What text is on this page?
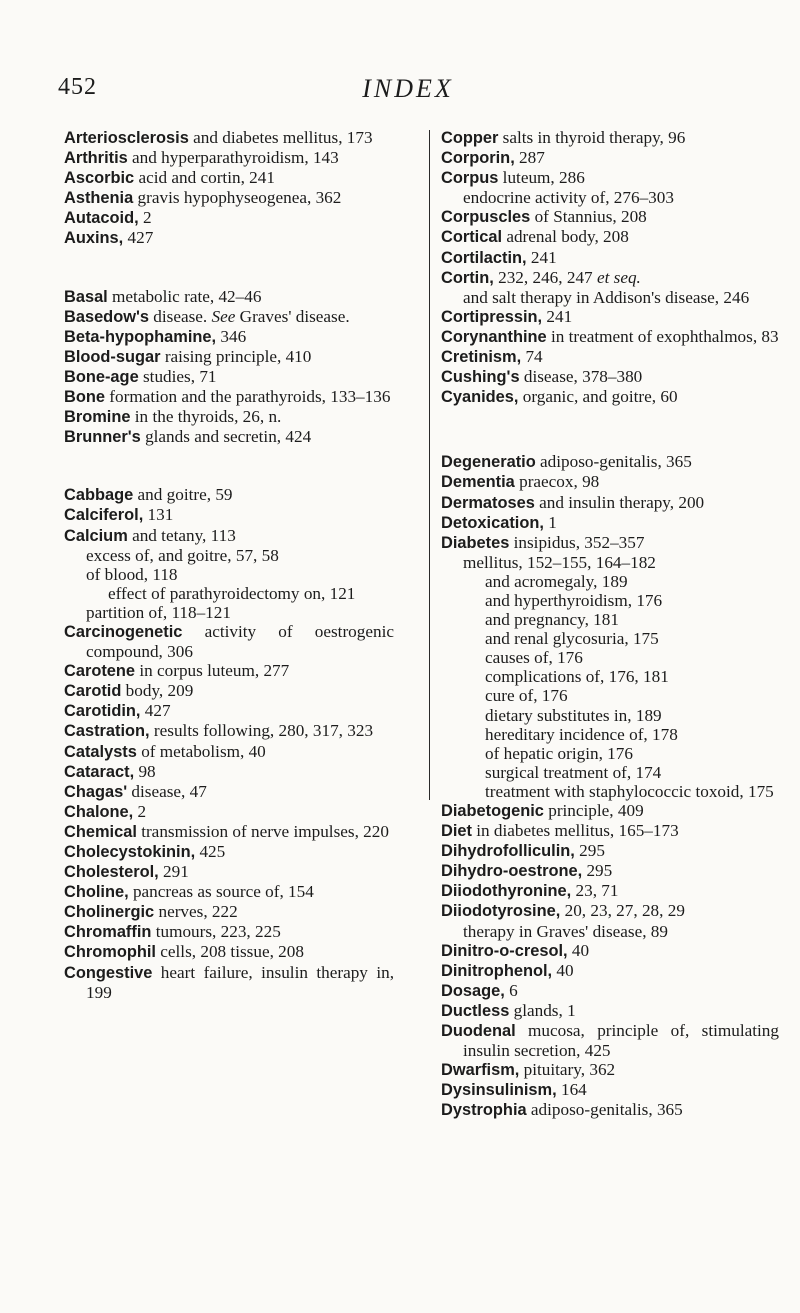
452	INDEX
Arteriosclerosis and diabetes mellitus, 173
Arthritis and hyperparathyroidism, 143
Ascorbic acid and cortin, 241
Asthenia gravis hypophyseogenea, 362
Autacoid, 2
Auxins, 427
Basal metabolic rate, 42–46
Basedow's disease. See Graves' disease.
Beta-hypophamine, 346
Blood-sugar raising principle, 410
Bone-age studies, 71
Bone formation and the parathyroids, 133–136
Bromine in the thyroids, 26, n.
Brunner's glands and secretin, 424
Cabbage and goitre, 59
Calciferol, 131
Calcium and tetany, 113
excess of, and goitre, 57, 58
of blood, 118
effect of parathyroidectomy on, 121
partition of, 118–121
Carcinogenetic activity of oestrogenic compound, 306
Carotene in corpus luteum, 277
Carotid body, 209
Carotidin, 427
Castration, results following, 280, 317, 323
Catalysts of metabolism, 40
Cataract, 98
Chagas' disease, 47
Chalone, 2
Chemical transmission of nerve impulses, 220
Cholecystokinin, 425
Cholesterol, 291
Choline, pancreas as source of, 154
Cholinergic nerves, 222
Chromaffin tumours, 223, 225
Chromophil cells, 208 tissue, 208
Congestive heart failure, insulin therapy in, 199
Copper salts in thyroid therapy, 96
Corporin, 287
Corpus luteum, 286
endocrine activity of, 276–303
Corpuscles of Stannius, 208
Cortical adrenal body, 208
Cortilactin, 241
Cortin, 232, 246, 247 et seq.
and salt therapy in Addison's disease, 246
Cortipressin, 241
Corynanthine in treatment of exophthalmos, 83
Cretinism, 74
Cushing's disease, 378–380
Cyanides, organic, and goitre, 60
Degeneratio adiposo-genitalis, 365
Dementia praecox, 98
Dermatoses and insulin therapy, 200
Detoxication, 1
Diabetes insipidus, 352–357
mellitus, 152–155, 164–182
and acromegaly, 189
and hyperthyroidism, 176
and pregnancy, 181
and renal glycosuria, 175
causes of, 176
complications of, 176, 181
cure of, 176
dietary substitutes in, 189
hereditary incidence of, 178
of hepatic origin, 176
surgical treatment of, 174
treatment with staphylococcic toxoid, 175
Diabetogenic principle, 409
Diet in diabetes mellitus, 165–173
Dihydrofolliculin, 295
Dihydro-oestrone, 295
Diiodothyronine, 23, 71
Diiodotyrosine, 20, 23, 27, 28, 29
therapy in Graves' disease, 89
Dinitro-o-cresol, 40
Dinitrophenol, 40
Dosage, 6
Ductless glands, 1
Duodenal mucosa, principle of, stimulating insulin secretion, 425
Dwarfism, pituitary, 362
Dysinsulinism, 164
Dystrophia adiposo-genitalis, 365
